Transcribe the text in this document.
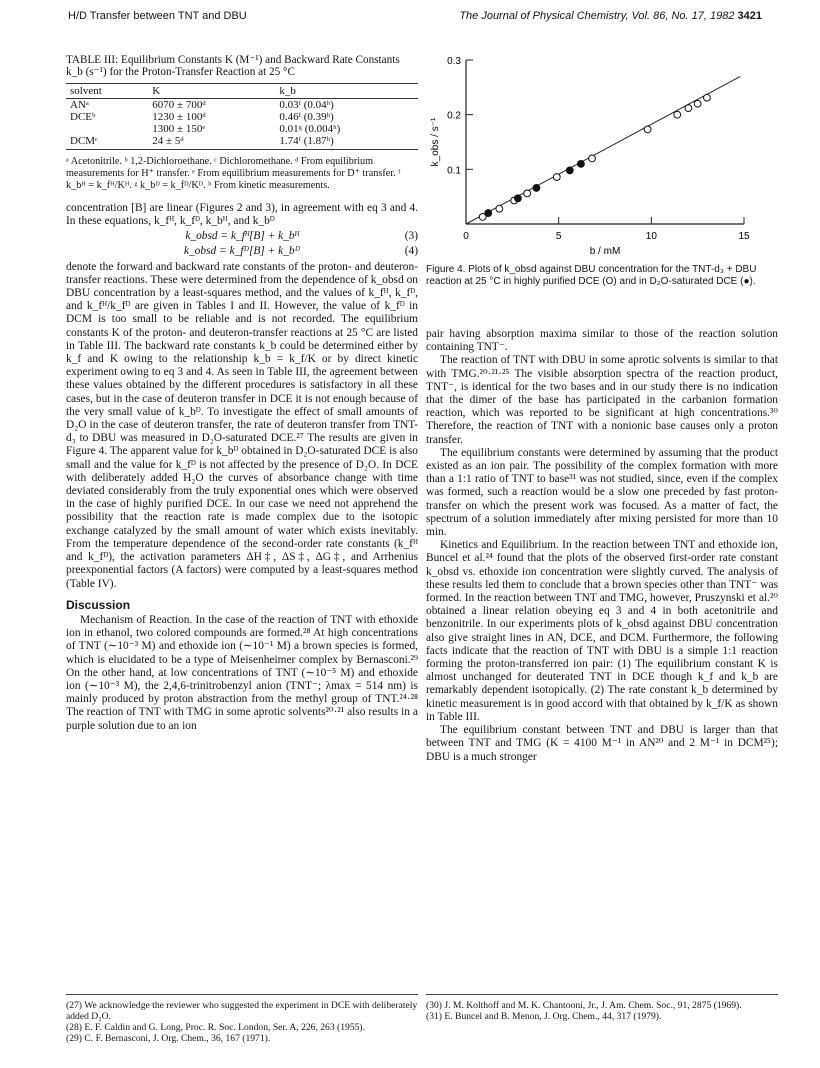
H/D Transfer between TNT and DBU	The Journal of Physical Chemistry, Vol. 86, No. 17, 1982 3421
TABLE III: Equilibrium Constants K (M⁻¹) and Backward Rate Constants k_b (s⁻¹) for the Proton-Transfer Reaction at 25 °C
solvent	K	k_b
ANᵃ	6070 ± 700ᵈ	0.03ᶠ (0.04ʰ)
DCEᵇ	1230 ± 100ᵈ	0.46ᶠ (0.39ʰ)
	1300 ± 150ᵉ	0.01ᵍ (0.004ʰ)
DCMᶜ	24 ± 5ᵈ	1.74ᶠ (1.87ʰ)
ᵃ Acetonitrile. ᵇ 1,2-Dichloroethane. ᶜ Dichloromethane. ᵈ From equilibrium measurements for H⁺ transfer. ᵉ From equilibrium measurements for D⁺ transfer. ᶠ k_bᴴ = k_fᴴ/Kᴴ. ᵍ k_bᴰ = k_fᴰ/Kᴰ. ʰ From kinetic measurements.

concentration [B] are linear (Figures 2 and 3), in agreement with eq 3 and 4. In these equations, k_fᴴ, k_fᴰ, k_bᴴ, and k_bᴰ

k_obsd = k_fᴴ[B] + k_bᴴ	(3)
k_obsd = k_fᴰ[B] + k_bᴰ	(4)

denote the forward and backward rate constants of the proton- and deuteron-transfer reactions. These were determined from the dependence of k_obsd on DBU concentration by a least-squares method, and the values of k_fᴴ, k_fᴰ, and k_fᴴ/k_fᴰ are given in Tables I and II. However, the value of k_fᴰ in DCM is too small to be reliable and is not recorded. The equilibrium constants K of the proton- and deuteron-transfer reactions at 25 °C are listed in Table III. The backward rate constants k_b could be determined either by k_f and K owing to the relationship k_b = k_f/K or by direct kinetic experiment owing to eq 3 and 4. As seen in Table III, the agreement between these values obtained by the different procedures is satisfactory in all these cases, but in the case of deuteron transfer in DCE it is not enough because of the very small value of k_bᴰ. To investigate the effect of small amounts of D₂O in the case of deuteron transfer, the rate of deuteron transfer from TNT-d₃ to DBU was measured in D₂O-saturated DCE.²⁷ The results are given in Figure 4. The apparent value for k_bᴰ obtained in D₂O-saturated DCE is also small and the value for k_fᴰ is not affected by the presence of D₂O. In DCE with deliberately added H₂O the curves of absorbance change with time deviated considerably from the truly exponential ones which were observed in the case of highly purified DCE. In our case we need not apprehend the possibility that the reaction rate is made complex due to the isotopic exchange catalyzed by the small amount of water which exists inevitably. From the temperature dependence of the second-order rate constants (k_fᴴ and k_fᴰ), the activation parameters ΔH‡, ΔS‡, ΔG‡, and Arrhenius preexponential factors (A factors) were computed by a least-squares method (Table IV).

Discussion

Mechanism of Reaction. In the case of the reaction of TNT with ethoxide ion in ethanol, two colored compounds are formed.²⁸ At high concentrations of TNT (∼10⁻³ M) and ethoxide ion (∼10⁻¹ M) a brown species is formed, which is elucidated to be a type of Meisenheimer complex by Bernasconi.²⁹ On the other hand, at low concentrations of TNT (∼10⁻⁵ M) and ethoxide ion (∼10⁻³ M), the 2,4,6-trinitrobenzyl anion (TNT⁻; λmax = 514 nm) is mainly produced by proton abstraction from the methyl group of TNT.²⁴·²⁸ The reaction of TNT with TMG in some aprotic solvents²⁰·²¹ also results in a purple solution due to an ion

0.3
0.2
0.1
0	5	10	15
b / mM
k_obs / s⁻¹
Figure 4. Plots of k_obsd against DBU concentration for the TNT-d₃ + DBU reaction at 25 °C in highly purified DCE (O) and in D₂O-saturated DCE (●).

pair having absorption maxima similar to those of the reaction solution containing TNT⁻.

The reaction of TNT with DBU in some aprotic solvents is similar to that with TMG.²⁰·²¹·²⁵ The visible absorption spectra of the reaction product, TNT⁻, is identical for the two bases and in our study there is no indication that the dimer of the base has participated in the carbanion formation reaction, which was reported to be significant at high concentrations.³⁰ Therefore, the reaction of TNT with a nonionic base causes only a proton transfer.

The equilibrium constants were determined by assuming that the product existed as an ion pair. The possibility of the complex formation with more than a 1:1 ratio of TNT to base³¹ was not studied, since, even if the complex was formed, such a reaction would be a slow one preceded by fast proton-transfer on which the present work was focused. As a matter of fact, the spectrum of a solution immediately after mixing persisted for more than 10 min.

Kinetics and Equilibrium. In the reaction between TNT and ethoxide ion, Buncel et al.²⁴ found that the plots of the observed first-order rate constant k_obsd vs. ethoxide ion concentration were slightly curved. The analysis of these results led them to conclude that a brown species other than TNT⁻ was formed. In the reaction between TNT and TMG, however, Pruszynski et al.²⁰ obtained a linear relation obeying eq 3 and 4 in both acetonitrile and benzonitrile. In our experiments plots of k_obsd against DBU concentration also give straight lines in AN, DCE, and DCM. Furthermore, the following facts indicate that the reaction of TNT with DBU is a simple 1:1 reaction forming the proton-transferred ion pair: (1) The equilibrium constant K is almost unchanged for deuterated TNT in DCE though k_f and k_b are remarkably dependent isotopically. (2) The rate constant k_b determined by kinetic measurement is in good accord with that obtained by k_f/K as shown in Table III.

The equilibrium constant between TNT and DBU is larger than that between TNT and TMG (K = 4100 M⁻¹ in AN²⁰ and 2 M⁻¹ in DCM²⁵); DBU is a much stronger

(27) We acknowledge the reviewer who suggested the experiment in DCE with deliberately added D₂O.
(28) E. F. Caldin and G. Long, Proc. R. Soc. London, Ser. A, 226, 263 (1955).
(29) C. F. Bernasconi, J. Org. Chem., 36, 167 (1971).
(30) J. M. Kolthoff and M. K. Chantooni, Jr., J. Am. Chem. Soc., 91, 2875 (1969).
(31) E. Buncel and B. Menon, J. Org. Chem., 44, 317 (1979).
